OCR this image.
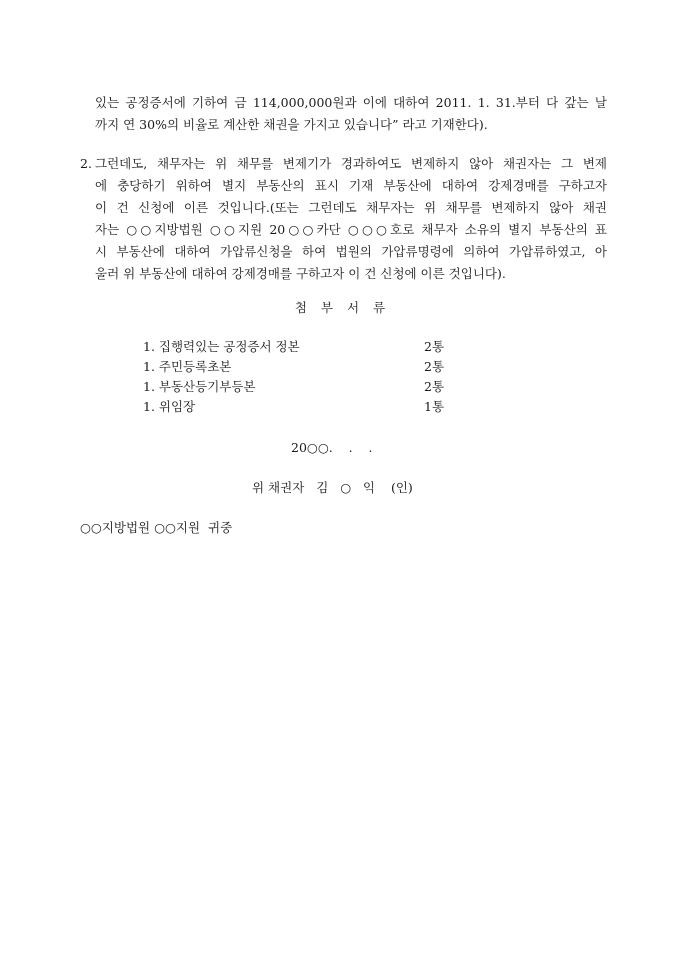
있는 공정증서에 기하여 금 114,000,000원과 이에 대하여 2011. 1. 31.부터 다 갚는 날
까지 연 30%의 비율로 계산한 채권을 가지고 있습니다” 라고 기재한다).
2. 그런데도, 채무자는 위 채무를 변제기가 경과하여도 변제하지 않아 채권자는 그 변제
에 충당하기 위하여 별지 부동산의 표시 기재 부동산에 대하여 강제경매를 구하고자
이 건 신청에 이른 것입니다.(또는 그런데도 채무자는 위 채무를 변제하지 않아 채권
자는 ○○지방법원 ○○지원 20○○카단 ○○○호로 채무자 소유의 별지 부동산의 표
시 부동산에 대하여 가압류신청을 하여 법원의 가압류명령에 의하여 가압류하였고, 아
울러 위 부동산에 대하여 강제경매를 구하고자 이 건 신청에 이른 것입니다).
첨 부 서 류
1. 집행력있는 공정증서 정본	2통
1. 주민등록초본	2통
1. 부동산등기부등본	2통
1. 위임장	1통
20○○.    .    .
위 채권자   김   ○   익    (인)
○○지방법원 ○○지원  귀중
